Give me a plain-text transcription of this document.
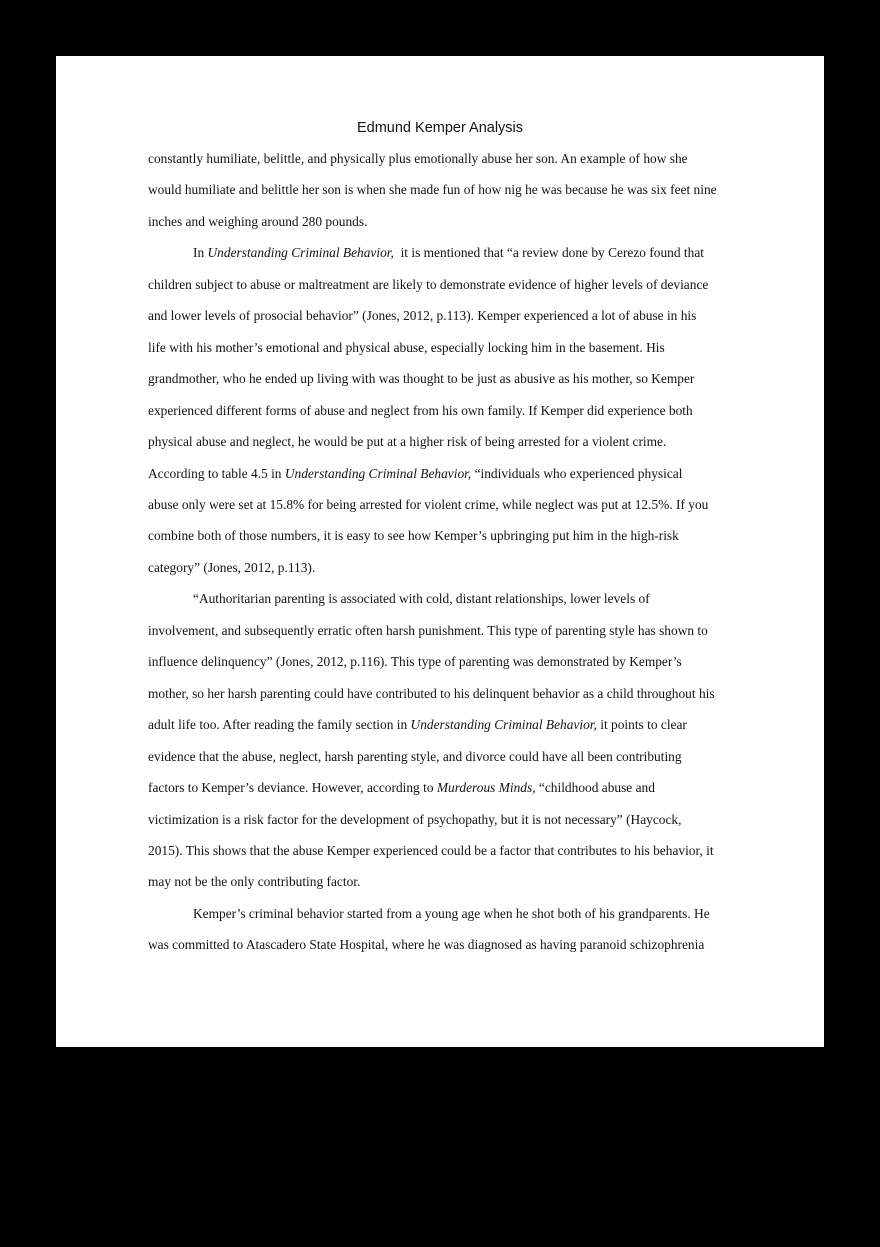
Edmund Kemper Analysis
constantly humiliate, belittle, and physically plus emotionally abuse her son. An example of how she
would humiliate and belittle her son is when she made fun of how nig he was because he was six feet nine
inches and weighing around 280 pounds.
In Understanding Criminal Behavior,  it is mentioned that “a review done by Cerezo found that
children subject to abuse or maltreatment are likely to demonstrate evidence of higher levels of deviance
and lower levels of prosocial behavior” (Jones, 2012, p.113). Kemper experienced a lot of abuse in his
life with his mother’s emotional and physical abuse, especially locking him in the basement. His
grandmother, who he ended up living with was thought to be just as abusive as his mother, so Kemper
experienced different forms of abuse and neglect from his own family. If Kemper did experience both
physical abuse and neglect, he would be put at a higher risk of being arrested for a violent crime.
According to table 4.5 in Understanding Criminal Behavior, “individuals who experienced physical
abuse only were set at 15.8% for being arrested for violent crime, while neglect was put at 12.5%. If you
combine both of those numbers, it is easy to see how Kemper’s upbringing put him in the high-risk
category” (Jones, 2012, p.113).
“Authoritarian parenting is associated with cold, distant relationships, lower levels of
involvement, and subsequently erratic often harsh punishment. This type of parenting style has shown to
influence delinquency” (Jones, 2012, p.116). This type of parenting was demonstrated by Kemper’s
mother, so her harsh parenting could have contributed to his delinquent behavior as a child throughout his
adult life too. After reading the family section in Understanding Criminal Behavior, it points to clear
evidence that the abuse, neglect, harsh parenting style, and divorce could have all been contributing
factors to Kemper’s deviance. However, according to Murderous Minds, “childhood abuse and
victimization is a risk factor for the development of psychopathy, but it is not necessary” (Haycock,
2015). This shows that the abuse Kemper experienced could be a factor that contributes to his behavior, it
may not be the only contributing factor.
Kemper’s criminal behavior started from a young age when he shot both of his grandparents. He
was committed to Atascadero State Hospital, where he was diagnosed as having paranoid schizophrenia
